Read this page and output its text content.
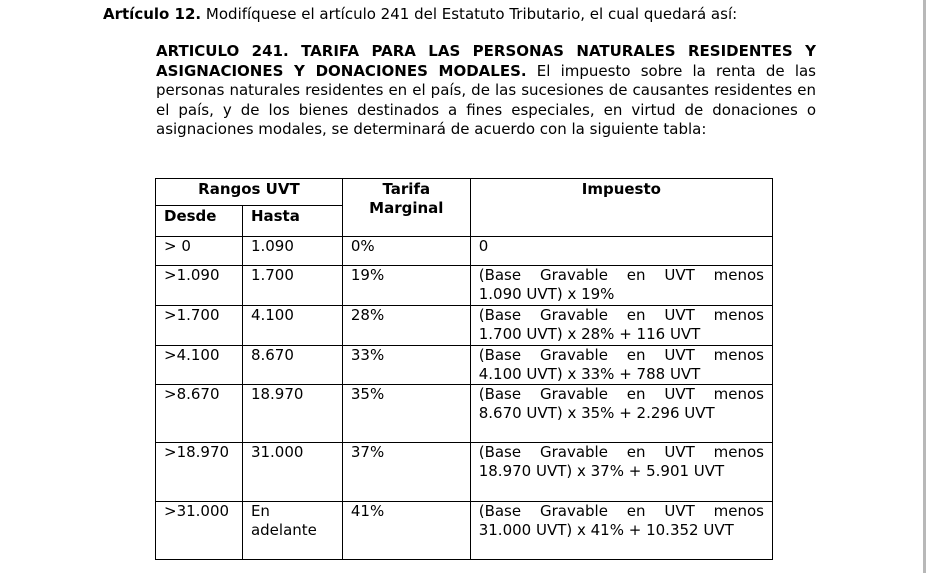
Artículo 12. Modifíquese el artículo 241 del Estatuto Tributario, el cual quedará así:
ARTICULO 241. TARIFA PARA LAS PERSONAS NATURALES RESIDENTES Y ASIGNACIONES Y DONACIONES MODALES. El impuesto sobre la renta de las personas naturales residentes en el país, de las sucesiones de causantes residentes en el país, y de los bienes destinados a fines especiales, en virtud de donaciones o asignaciones modales, se determinará de acuerdo con la siguiente tabla:
Rangos UVT		Tarifa Marginal	Impuesto
Desde	Hasta		
> 0	1.090	0%	0
>1.090	1.700	19%	(Base Gravable en UVT menos
1.090 UVT) x 19%
>1.700	4.100	28%	(Base Gravable en UVT menos
1.700 UVT) x 28% + 116 UVT
>4.100	8.670	33%	(Base Gravable en UVT menos
4.100 UVT) x 33% + 788 UVT
>8.670	18.970	35%	(Base Gravable en UVT menos
8.670 UVT) x 35% + 2.296 UVT
>18.970	31.000	37%	(Base Gravable en UVT menos
18.970 UVT) x 37% + 5.901 UVT
>31.000	En adelante	41%	(Base Gravable en UVT menos
31.000 UVT) x 41% + 10.352 UVT
